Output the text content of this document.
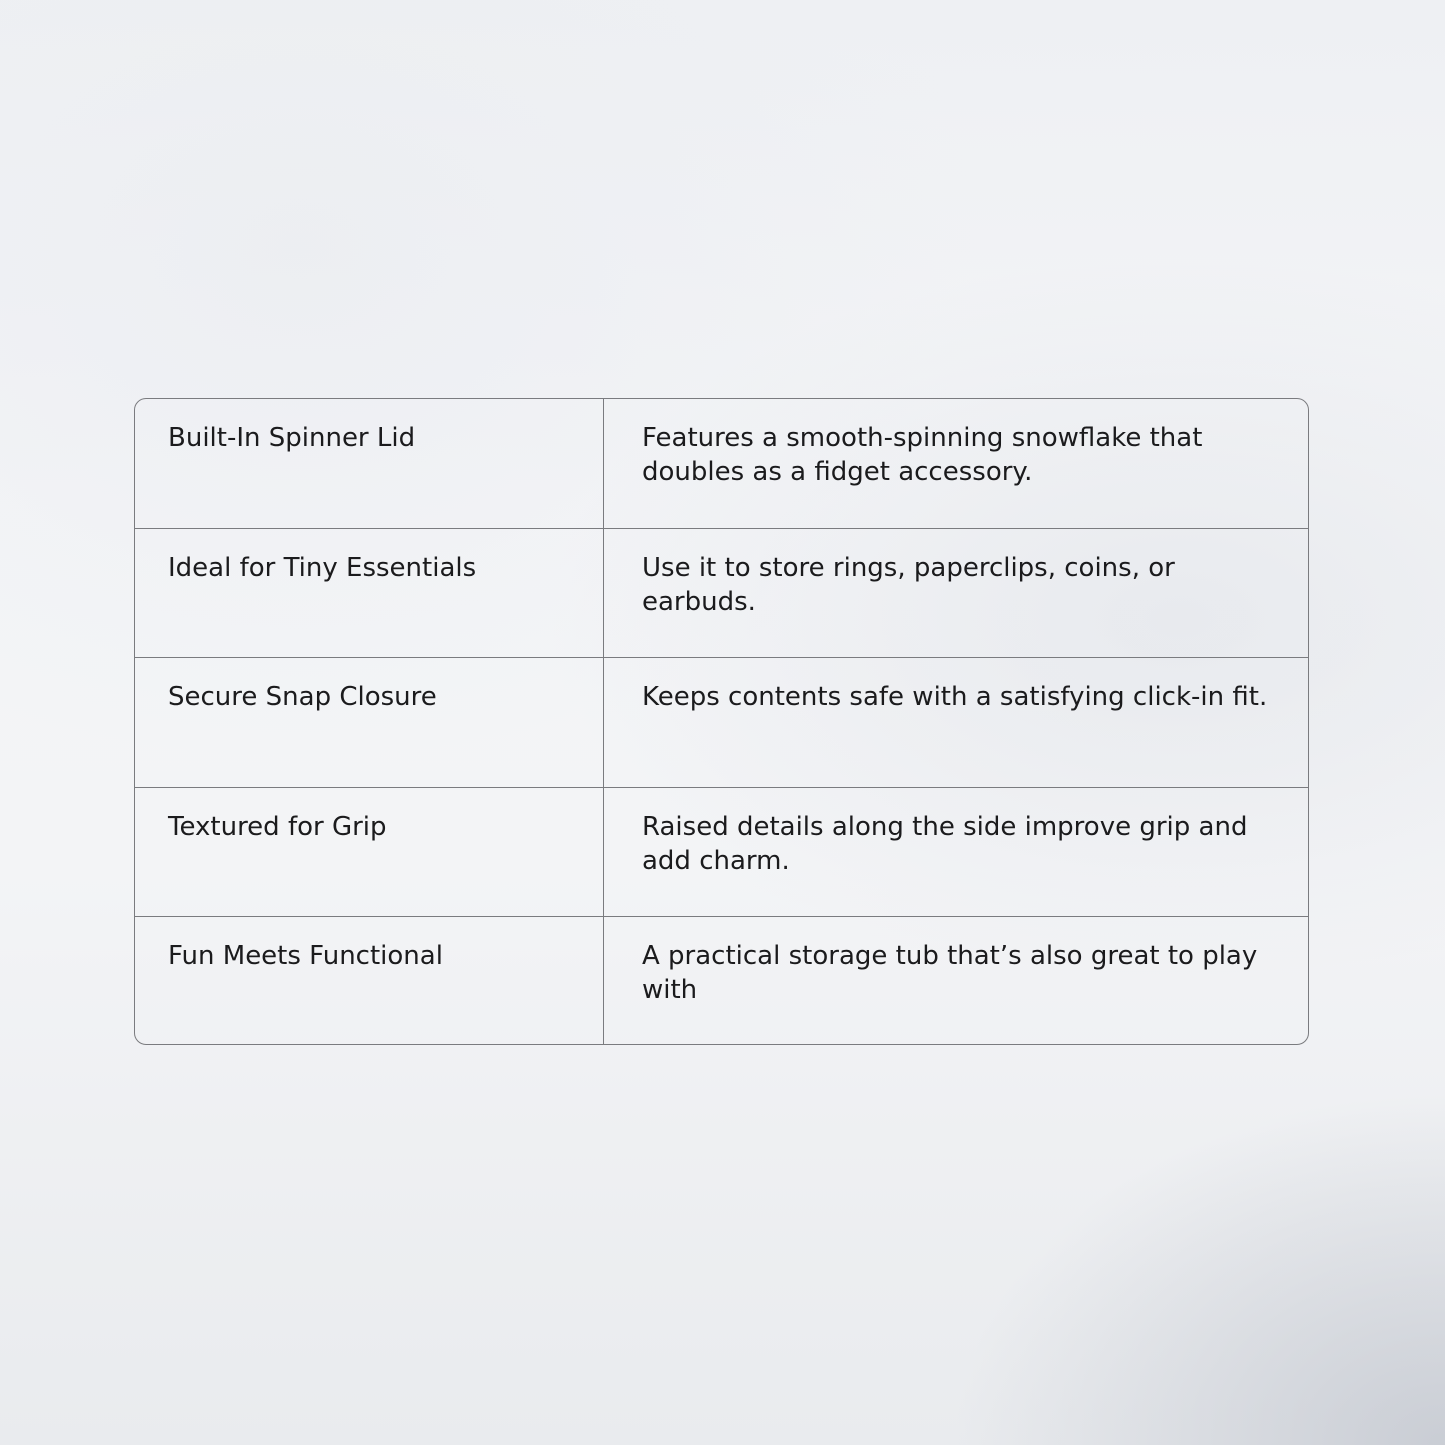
Built-In Spinner Lid	Features a smooth-spinning snowflake that doubles as a fidget accessory.
Ideal for Tiny Essentials	Use it to store rings, paperclips, coins, or earbuds.
Secure Snap Closure	Keeps contents safe with a satisfying click-in fit.
Textured for Grip	Raised details along the side improve grip and add charm.
Fun Meets Functional	A practical storage tub that’s also great to play with
